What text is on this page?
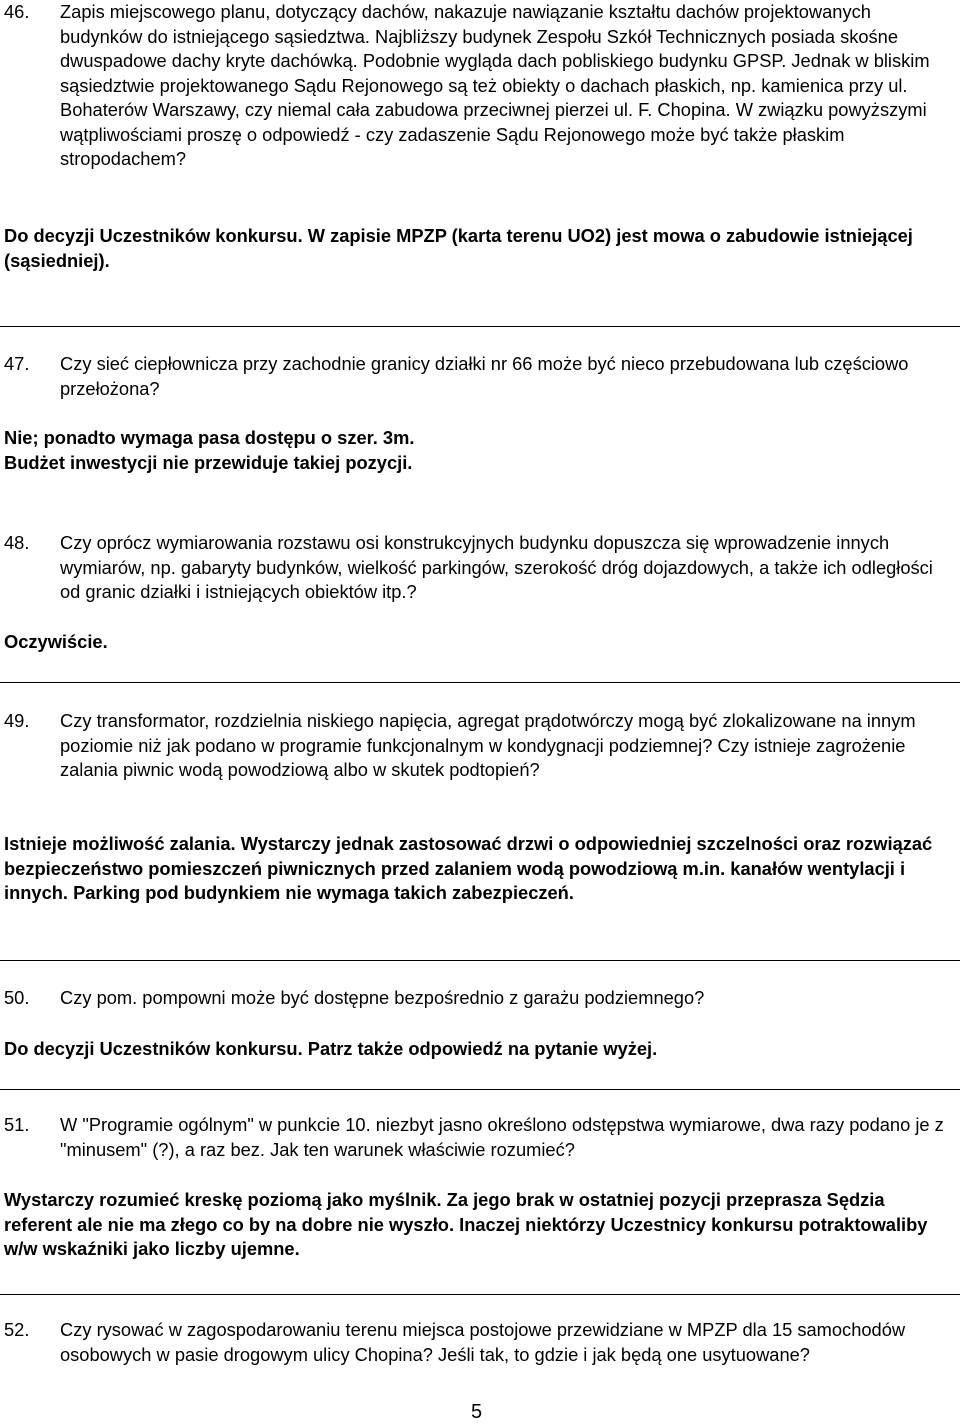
46. Zapis miejscowego planu, dotyczący dachów, nakazuje nawiązanie kształtu dachów projektowanych budynków do istniejącego sąsiedztwa. Najbliższy budynek Zespołu Szkół Technicznych posiada skośne dwuspadowe dachy kryte dachówką. Podobnie wygląda dach pobliskiego budynku GPSP. Jednak w bliskim sąsiedztwie projektowanego Sądu Rejonowego są też obiekty o dachach płaskich, np. kamienica przy ul. Bohaterów Warszawy, czy niemal cała zabudowa przeciwnej pierzei ul. F. Chopina. W związku powyższymi wątpliwościami proszę o odpowiedź - czy zadaszenie Sądu Rejonowego może być także płaskim stropodachem?

Do decyzji Uczestników konkursu. W zapisie MPZP (karta terenu UO2) jest mowa o zabudowie istniejącej (sąsiedniej).

47. Czy sieć ciepłownicza przy zachodnie granicy działki nr 66 może być nieco przebudowana lub częściowo przełożona?

Nie; ponadto wymaga pasa dostępu o szer. 3m.

Budżet inwestycji nie przewiduje takiej pozycji.

48. Czy oprócz wymiarowania rozstawu osi konstrukcyjnych budynku dopuszcza się wprowadzenie innych wymiarów, np. gabaryty budynków, wielkość parkingów, szerokość dróg dojazdowych, a także ich odległości od granic działki i istniejących obiektów itp.?

Oczywiście.

49. Czy transformator, rozdzielnia niskiego napięcia, agregat prądotwórczy mogą być zlokalizowane na innym poziomie niż jak podano w programie funkcjonalnym w kondygnacji podziemnej? Czy istnieje zagrożenie zalania piwnic wodą powodziową albo w skutek podtopień?

Istnieje możliwość zalania. Wystarczy jednak zastosować drzwi o odpowiedniej szczelności oraz rozwiązać bezpieczeństwo pomieszczeń piwnicznych przed zalaniem wodą powodziową m.in. kanałów wentylacji i innych. Parking pod budynkiem nie wymaga takich zabezpieczeń.

50. Czy pom. pompowni może być dostępne bezpośrednio z garażu podziemnego?

Do decyzji Uczestników konkursu. Patrz także odpowiedź na pytanie wyżej.

51. W "Programie ogólnym" w punkcie 10. niezbyt jasno określono odstępstwa wymiarowe, dwa razy podano je z "minusem" (?), a raz bez. Jak ten warunek właściwie rozumieć?

Wystarczy rozumieć kreskę poziomą jako myślnik. Za jego brak w ostatniej pozycji przeprasza Sędzia referent ale nie ma złego co by na dobre nie wyszło. Inaczej niektórzy Uczestnicy konkursu potraktowaliby w/w wskaźniki jako liczby ujemne.

52. Czy rysować w zagospodarowaniu terenu miejsca postojowe przewidziane w MPZP dla 15 samochodów osobowych w pasie drogowym ulicy Chopina? Jeśli tak, to gdzie i jak będą one usytuowane?
5
